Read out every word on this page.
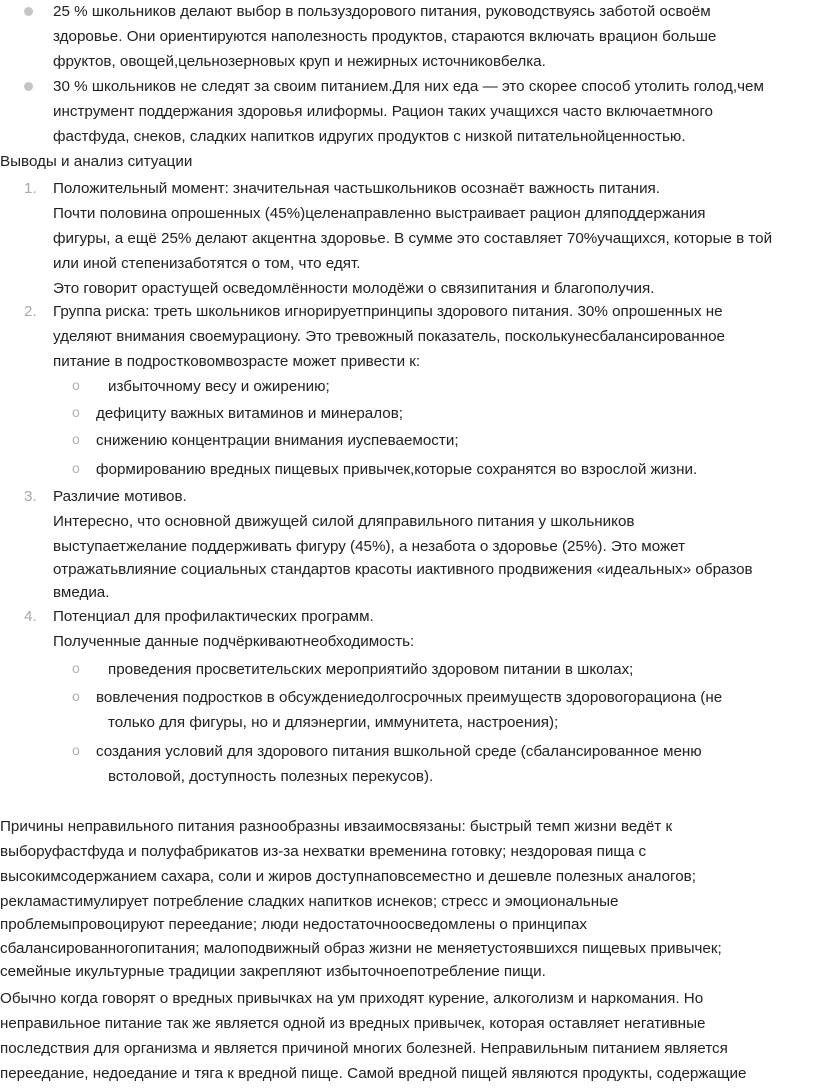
25 % школьников делают выбор в пользуздорового питания, руководствуясь заботой освоём
здоровье. Они ориентируются наполезность продуктов, стараются включать врацион больше
фруктов, овощей,цельнозерновых круп и нежирных источниковбелка.
30 % школьников не следят за своим питанием.Для них еда — это скорее способ утолить голод,чем
инструмент поддержания здоровья илиформы. Рацион таких учащихся часто включаетмного
фастфуда, снеков, сладких напитков идругих продуктов с низкой питательнойценностью.
Выводы и анализ ситуации
1. Положительный момент: значительная частьшкольников осознаёт важность питания.
Почти половина опрошенных (45%)целенаправленно выстраивает рацион дляподдержания
фигуры, а ещё 25% делают акцентна здоровье. В сумме это составляет 70%учащихся, которые в той
или иной степенизаботятся о том, что едят.
Это говорит орастущей осведомлённости молодёжи о связипитания и благополучия.
2. Группа риска: треть школьников игнорируетпринципы здорового питания. 30% опрошенных не
уделяют внимания своемурациону. Это тревожный показатель, посколькунесбалансированное
питание в подростковомвозрасте может привести к:
o избыточному весу и ожирению;
o дефициту важных витаминов и минералов;
o снижению концентрации внимания иуспеваемости;
o формированию вредных пищевых привычек,которые сохранятся во взрослой жизни.
3. Различие мотивов.
Интересно, что основной движущей силой дляправильного питания у школьников
выступаетжелание поддерживать фигуру (45%), а незабота о здоровье (25%). Это может
отражатьвлияние социальных стандартов красоты иактивного продвижения «идеальных» образов
вмедиа.
4. Потенциал для профилактических программ.
Полученные данные подчёркиваютнеобходимость:
o проведения просветительских мероприятийо здоровом питании в школах;
o вовлечения подростков в обсуждениедолгосрочных преимуществ здоровогорациона (не
только для фигуры, но и дляэнергии, иммунитета, настроения);
o создания условий для здорового питания вшкольной среде (сбалансированное меню
встоловой, доступность полезных перекусов).
Причины неправильного питания разнообразны ивзаимосвязаны: быстрый темп жизни ведёт к
выборуфастфуда и полуфабрикатов из-за нехватки временина готовку; нездоровая пища с
высокимсодержанием сахара, соли и жиров доступнаповсеместно и дешевле полезных аналогов;
рекламастимулирует потребление сладких напитков иснеков; стресс и эмоциональные
проблемыпровоцируют переедание; люди недостаточноосведомлены о принципах
сбалансированногопитания; малоподвижный образ жизни не меняетустоявшихся пищевых привычек;
семейные икультурные традиции закрепляют избыточноепотребление пищи.
Обычно когда говорят о вредных привычках на ум приходят курение, алкоголизм и наркомания. Но
неправильное питание так же является одной из вредных привычек, которая оставляет негативные
последствия для организма и является причиной многих болезней. Неправильным питанием является
переедание, недоедание и тяга к вредной пище. Самой вредной пищей являются продукты, содержащие
